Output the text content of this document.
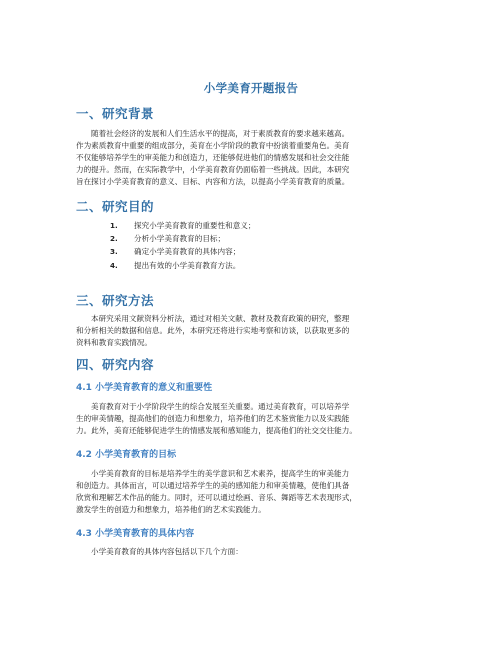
小学美育开题报告
一、研究背景
随着社会经济的发展和人们生活水平的提高，对于素质教育的要求越来越高。
作为素质教育中重要的组成部分，美育在小学阶段的教育中扮演着重要角色。美育
不仅能够培养学生的审美能力和创造力，还能够促进他们的情感发展和社会交往能
力的提升。然而，在实际教学中，小学美育教育仍面临着一些挑战。因此，本研究
旨在探讨小学美育教育的意义、目标、内容和方法，以提高小学美育教育的质量。
二、研究目的
1.	探究小学美育教育的重要性和意义；
2.	分析小学美育教育的目标；
3.	确定小学美育教育的具体内容；
4.	提出有效的小学美育教育方法。
三、研究方法
本研究采用文献资料分析法，通过对相关文献、教材及教育政策的研究，整理
和分析相关的数据和信息。此外，本研究还将进行实地考察和访谈，以获取更多的
资料和教育实践情况。
四、研究内容
4.1 小学美育教育的意义和重要性
美育教育对于小学阶段学生的综合发展至关重要。通过美育教育，可以培养学
生的审美情趣，提高他们的创造力和想象力，培养他们的艺术鉴赏能力以及实践能
力。此外，美育还能够促进学生的情感发展和感知能力，提高他们的社交交往能力。
4.2 小学美育教育的目标
小学美育教育的目标是培养学生的美学意识和艺术素养，提高学生的审美能力
和创造力。具体而言，可以通过培养学生的美的感知能力和审美情趣，使他们具备
欣赏和理解艺术作品的能力。同时，还可以通过绘画、音乐、舞蹈等艺术表现形式，
激发学生的创造力和想象力，培养他们的艺术实践能力。
4.3 小学美育教育的具体内容
小学美育教育的具体内容包括以下几个方面：
